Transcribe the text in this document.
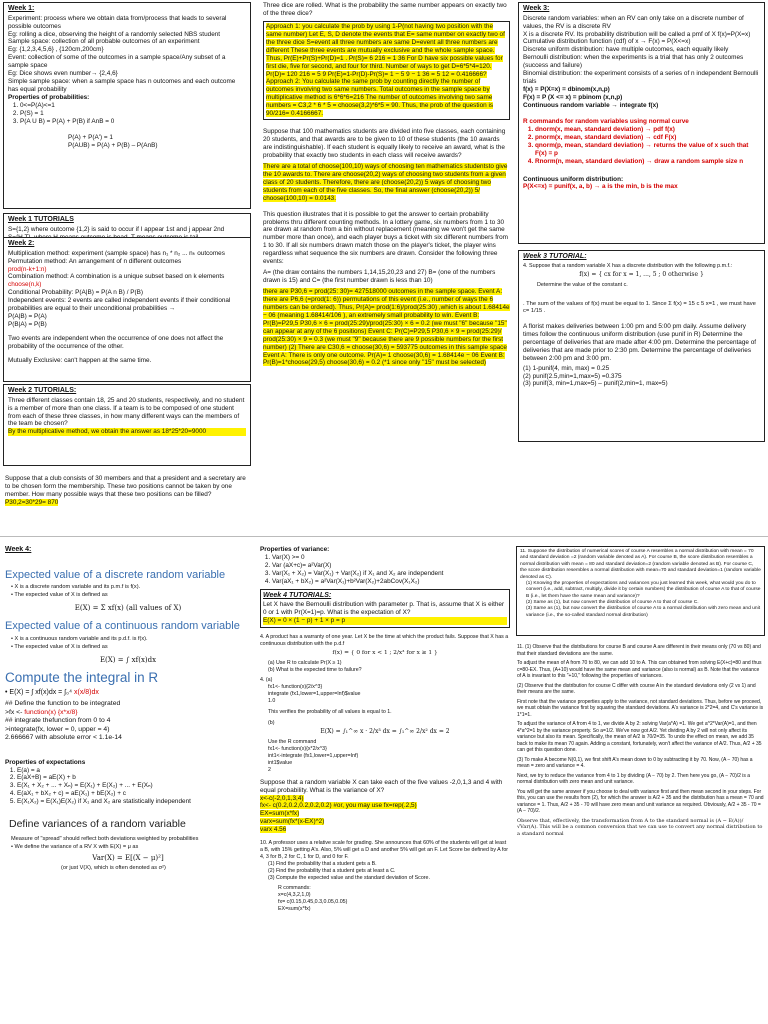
Week 1:
Experiment: process where we obtain data from/process that leads to several possible outcomes
Eg: rolling a dice, observing the height of a randomly selected NBS student
Sample space: collection of all probable outcomes of an experiment
Eg: {1,2,3,4,5,6} , {120cm,200cm}
Event: collection of some of the outcomes in a sample space/Any subset of a sample space
Eg: Dice shows even number→ {2,4,6}
Simple sample space: when a sample space has n outcomes and each outcome has equal probability
Properties of probabilities:
1. 0<=P(A)<=1
2. P(S) = 1
3. P(A U B) = P(A) + P(B) if AnB = 0
P(A) + P(A') = 1
P(AUB) = P(A) + P(B) – P(AnB)
Week 1 TUTORIALS
S={1,2} where outcome {1,2} is said to occur if I appear 1st and j appear 2nd
Week 2:
Multiplication method: experiment (sample space) has n₁ * n₂ ... nₖ outcomes
Permutation method: An arrangement of n different outcomes
prod(n-k+1:n)
Combination method: A combination is a unique subset based on k elements
choose(n,k)
Conditional Probability: P(A|B) = P(A n B) / P(B)
Independent events: 2 events are called independent events if their conditional probabilities are equal to their unconditional probabilities →
P(A|B) = P(A)
P(B|A) = P(B)
Two events are independent when the occurrence of one does not affect the probability of the occurrence of the other.
Mutually Exclusive: can't happen at the same time.
Week 2 TUTORIALS:
Three different classes contain 18, 25 and 20 students, respectively, and no student is a member of more than one class. If a team is to be composed of one student from each of these three classes, in how many different ways can the members of the team be chosen?
By the multiplicative method, we obtain the answer as 18*25*20=9000
Suppose that a club consists of 30 members and that a president and a secretary are to be chosen form the membership. These two positions cannot be taken by one member. How many possible ways that these two positions can be filled?
P30,2=30*29= 870

Three dice are rolled. What is the probability the same number appears on exactly two of the three dice?

Approach 1: you calculate the prob by using 1-P(not having two position with the same number) Let E, S, D denote the events that E= same number on exactly two of the three dice S=event all three numbers are same D=event all three numbers are different These three events are mutually exclusive and the whole sample space. Thus, Pr(E)+Pr(S)+Pr(D)=1 . Pr(S)= 6 216 = 1 36 For D have six possible values for first die, five for second, and four for third. Number of ways to get D=6*5*4=120. Pr(D)= 120 216 = 5 9 Pr(E)=1-Pr(D)-Pr(S)= 1 − 5 9 − 1 36 = 5 12 = 0.416666? Approach 2: You calculate the same prob by counting directly the number of outcomes involving two same numbers. Total outcomes in the sample space by multiplicative method is 6*6*6=216 The number of outcomes involving two same numbers = C3,2 * 6 * 5 = choose(3,2)*6*5 = 90. Thus, the prob of the question is 90/216= 0.4166667.

Suppose that 100 mathematics students are divided into five classes, each containing 20 students, and that awards are to be given to 10 of these students (the 10 awards are indistinguishable). If each student is equally likely to receive an award, what is the probability that exactly two students in each class will receive awards?

There are a total of choose(100,10) ways of choosing ten mathematics studentsto give the 10 awards to. There are choose(20,2) ways of choosing two students from a given class of 20 students. Therefore, there are (choose(20,2)) 5 ways of choosing two students from each of the five classes. So, the final answer (choose(20,2)) 5/ choose(100,10) = 0.0143.

This question illustrates that it is possible to get the answer to certain probability problems thru different counting methods. In a lottery game, six numbers from 1 to 30 are drawn at random from a bin without replacement (meaning we won't get the same number more than once), and each player buys a ticket with six different numbers from 1 to 30. If all six numbers drawn match those on the player's ticket, the player wins regardless what sequence the six numbers are drawn. Consider the following three events:

A= (the draw contains the numbers 1,14,15,20,23 and 27) B= (one of the numbers drawn is 15) and C= (the first number drawn is less than 10)

there are P30,6 = prod(25: 30)= 427518000 outcomes in the sample space. Event A: there are P6,6 (=prod(1: 6)) permutations of this event (i.e., number of ways the 6 numbers can be ordered). Thus, Pr(A)= prod(1:6)/prod(25:30) ,which is about 1.68414e − 06 (meaning 1.68414/106 ), an extremely small probability to win. Event B: Pr(B)=P29,5 P30,6 × 6 = prod(25:29)/prod(25:30) × 6 = 0.2 (we must "6" because "15" can appear at any of the 6 positions) Event C: Pr(C)=P29,5 P30,6 × 9 = prod(25:29)/ prod(25:30) × 9 = 0.3 (we must "9" because there are 9 possible numbers for the first number) (2) There are C30,6 = choose(30,6) = 593775 outcomes in this sample space Event A: There is only one outcome. Pr(A)= 1 choose(30,6) = 1.68414e − 06 Event B: Pr(B)=1*choose(29,5) choose(30,6) = 0.2 (*1 since only "15" must be selected)

Week 3:
Discrete random variables: when an RV can only take on a discrete number of values, the RV is a discrete RV
X is a discrete RV. Its probability distribution will be called a pmf of X f(x)=P(X=x)
Cumulative distribution function (cdf) of x → F(x) = P(X<=x)
Discrete uniform distribution: have multiple outcomes, each equally likely
Bernoulli distribution: when the experiments is a trial that has only 2 outcomes (success and failure)
Binomial distribution: the experiment consists of a series of n independent Bernoulli trials
f(x) = P(X=x) = dbinom(x,n,p)
F(x) = P (X <= x) = pbinom (x,n,p)
Continuous random variable → integrate f(x)
R commands for random variables using normal curve
1. dnorm(x, mean, standard deviation) → pdf f(x)
2. pnorm(x, mean, standard deviation) → cdf F(x)
3. qnorm(p, mean, standard deviation) → returns the value of x such that F(x) = p
4. Rnorm(n, mean, standard deviation) → draw a random sample size n
Continuous uniform distribution:
P(X<=x) = punif(x, a, b) → a is the min, b is the max
Week 3 TUTORIAL:
4. Suppose that a random variable X has a discrete distribution with the following p.m.f.:
f(x) = { cx for x = 1, ..., 5 ; 0 otherwise }
Determine the value of the constant c.
. The sum of the values of f(x) must be equal to 1. Since Σ f(x) = 15 c 5 x=1 , we must have c= 1/15 .
A florist makes deliveries between 1:00 pm and 5:00 pm daily. Assume delivery times follow the continuous uniform distribution (use punif in R) Determine the percentage of deliveries that are made after 4:00 pm. Determine the percentage of deliveries that are made prior to 2:30 pm. Determine the percentage of deliveries between 2:00 pm and 3:00 pm.
(1) 1-punif(4, min, max) = 0.25
(2) punif(2.5,min=1,max=5) =0.375
(3) punif(3, min=1,max=5) – punif(2,min=1, max=5)
Week 4:
Expected value of a discrete random variable
• X is a discrete random variable and its p.m.f is f(x).
• The expected value of X is defined as
E(X) = Σ xf(x) (all values of X)
Expected value of a continuous random variable
• X is a continuous random variable and its p.d.f. is f(x).
• The expected value of X is defined as
E(X) = ∫ xf(x)dx
Compute the integral in R
• E(X) = ∫ xf(x)dx = ∫₀⁴ x(x/8)dx
## Define the function to be integrated
>fx <- function(x) {x*x/8}
## integrate thefunction from 0 to 4
>integrate(fx, lower = 0, upper = 4)
2.666667 with absolute error < 1.1e-14
Properties of expectations
1. E(a) = a
2. E(aX+B) = aE(X) + b
3. E(X₁ + X₂ + ... + Xₙ) = E(X₁) + E(X₂) + ... + E(Xₙ)
4. E(aX₁ + bX₂ + c) = aE(X₁) + bE(X₂) + c
5. E(X₁X₂) = E(X₁)E(X₂) if X₁ and X₂ are statistically independent
Define variances of a random variable
Measure of "spread" should reflect both deviations weighted by probabilities
• We define the variance of a RV X with E(X) = μ as
Var(X) = E[(X − μ)²]
(or just V(X), which is often denoted as σ²)
Properties of variance:
1. Var(X) >= 0
2. Var (aX+c)= a²Var(X)
3. Var(X₁ + X₂) = Var(X₁) + Var(X₂) if X₁ and X₂ are independent
4. Var(aX₁ + bX₂) = a²Var(X₁)+b²Var(X₂)+2abCov(X₁X₂)
Week 4 TUTORIALS:
Let X have the Bernoulli distribution with parameter p. That is, assume that X is either 0 or 1 with Pr(X=1)=p. What is the expectation of X?
E(X) = 0 × (1 − p) + 1 × p = p
4. A product has a warranty of one year. Let X be the time at which the product fails. Suppose that X has a continuous distribution with the p.d.f
f(x) = { 0 for x < 1 ; 2/x³ for x ≥ 1 }
(a) Use R to calculate Pr(X ≥ 1)
(b) What is the expected time to failure?
4. (a)
fx1<- function(x){2/x^3}
integrate (fx1,lower=1,upper=Inf)$value
1.0
This verifies the probability of all values is equal to 1.
(b)
E(X) = ∫₁^∞ x · 2/x³ dx = ∫₁^∞ 2/x² dx = 2
Use the R command
fx1<- function(x){x*2/x^3}
int1<-integrate (fx1,lower=1,upper=Inf)
int1$value
2
Suppose that a random variable X can take each of the five values -2,0,1,3 and 4 with equal probability. What is the variance of X?
x<-c(-2,0,1,3,4)
fx<- c(0.2,0.2,0.2,0.2,0.2) #or, you may use fx=rep(.2,5)
EX=sum(x*fx)
varx=sum(fx*(x-EX)^2)
varx 4.56
10. A professor uses a relative scale for grading. She announces that 60% of the students will get at least a B, with 15% getting A's. Also, 5% will get a D and another 5% will get an F. Let Score be defined by A for 4, 3 for B, 2 for C, 1 for D, and 0 for F.
(1) Find the probability that a student gets a B.
(2) Find the probability that a student gets at least a C.
(3) Compute the expected value and the standard deviation of Score.
R commands:
x=c(4,3,2,1,0)
fx= c(0.15,0.45,0.3,0.05,0.05)
EX=sum(x*fx)
11. Suppose the distribution of numerical scores of course A resembles a normal distribution with mean = 70 and standard deviation =2 (random variable denoted as A). For course B, the score distribution resembles a normal distribution with mean = 80 and standard deviation=2 (random variable denoted as B). For course C, the score distribution resembles a normal distribution with mean=70 and standard deviation=1 (random variable denoted as C).
(1) Knowing the properties of expectations and variances you just learned this week, what would you do to convert (i.e., add, subtract, multiply, divide it by certain numbers) the distribution of course A to that of course B (i.e., let them have the same mean and variance)?
(2) Same as (1), but now convert the distribution of course A to that of course C.
(3) Same as (1), but now convert the distribution of course A to a normal distribution with zero mean and unit variance (i.e., the so-called standard normal distribution)

11. (1) Observe that the distributions for course B and course A are different in their means only (70 vs 80) and that their standard deviations are the same.

To adjust the mean of A from 70 to 80, we can add 10 to A. This can obtained from solving E(X+c)=80 and thus c=80-EX. Thus, (A+10) would have the same mean and variance (also is normal) as B. Note that the variance of A is invariant to this "+10," following the properties of variances.

(2) Observe that the distribution for course C differ with course A in the standard deviations only (2 vs 1) and their means are the same.

First note that the variance properties apply to the variance, not standard deviations. Thus, before we proceed, we must obtain the variance first by squaring the standard deviations. A's variance is 2*2=4, and C's variance is 1*1=1.

To adjust the variance of A from 4 to 1, we divide A by 2: solving Var(a*A) =1. We get a^2*Var(A)=1, and then 4*a^2=1 by the variance property. So a=1/2. We've now got A/2. Yet dividing A by 2 will not only affect its variance but also its mean. Specifically, the mean of A/2 is 70/2=35. To undo the effect on mean, we add 35 back to make its mean 70 again. Adding a constant, fortunately, won't affect the variance of A/2. Thus, A/2 + 35 can get this question done.

(3) To make A become N(0,1), we first shift A's mean down to 0 by subtracting it by 70. Now, (A − 70) has a mean = zero and variance = 4.

Next, we try to reduce the variance from 4 to 1 by dividing (A − 70) by 2. Then here you go, (A − 70)/2 is a normal distribution with zero mean and unit variance.

You will get the same answer if you choose to deal with variance first and then mean second in your steps. For this, you can use the results from (2), for which the answer is A/2 + 35 and the distribution has a mean = 70 and variance = 1. Thus, A/2 + 35 - 70 will have zero mean and unit variance as required. Obviously, A/2 + 35 - 70 = (A − 70)/2.

Observe that, effectively, the transformation from A to the standard normal is (A − E(A))/√Var(A). This will be a common conversion that we can use to convert any normal distribution to a standard normal
